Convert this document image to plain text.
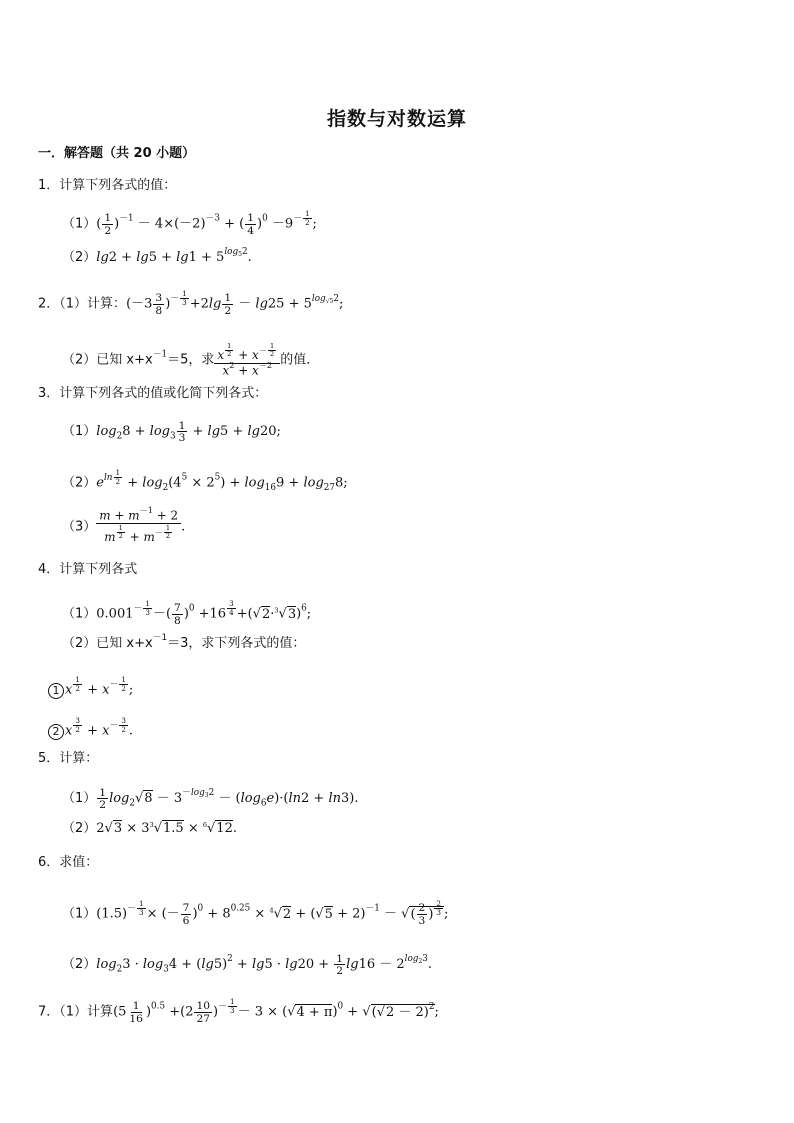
指数与对数运算
一．解答题（共 20 小题）
1．计算下列各式的值：
$(1)( \frac{1}{2} )^{-1} - 4\times(-2)^{-3}$ + ( $\frac{1}{4} )^0 -9^{- \frac{1}{2}}$ ;
$(2)\lg 2 + \lg 5 + \lg 1 + 5^{log_52}$.
2．（1）计算：$(-3 \frac{3}{8} )^{- \frac{1}{3}} +2\lg \frac{1}{2} - \lg 25 + 5^{log_{√5}2}$;
（2）已知 $x+x^{-1}=5$，求 x $^{\frac{1}{2}} + x^{- \frac{1}{2}}$
$x^2 + x^{-2}$ 的值．
3．计算下列各式的值或化简下列各式：
$(1)\log_28 + \log_3 \frac{1}{3} + \lg 5 + \lg 20$;
$(2)e^{ln \frac{1}{2}} + \log_2(4^5 \times 2^5) + \log_{16}9 + \log_{27}8$;
（3） $m + m^{-1} + 2$
m $^{\frac{1}{2}} + m^{- \frac{1}{2}}$ .
4．计算下列各式
$(1)0.001^{- \frac{1}{3}}$ －( $\frac{7}{8} )^0 +16$ $^{\frac{3}{4}} +(√2\cdot^3√3)^6$;
（2）已知 $x+x^{-1}=3$，求下列各式的值：
1 x $^{\frac{1}{2}} + x^{- \frac{1}{2}}$ ;
2 x $^{\frac{3}{2}} + x^{- \frac{3}{2}}$ .
5．计算：
$(1) \frac{1}{2} \log_2√8 - 3^{-log_32} - (\log_6e)\cdot(\ln 2 + \ln 3)$.
$(2)2√3 \times 3^3√1.5 \times ^6√12$.
6．求值：
$(1)(1.5)^{- \frac{1}{3}}$ × (－ $\frac{7}{6} )^0 + 8^{0.25} \times ^4√2 + (√5 + 2)^{-1}$ － √( $\frac{2}{3}$ ) $^{\frac{2}{3}}$ ;
$(2)\log_23 \cdot \log_34 + (\lg 5)^2 + \lg 5 \cdot \lg 20 + \frac{1}{2} \lg 16 - 2^{log_23}$.
7．（1）计算$(5 \frac{1}{16} )^{0.5} +(2 \frac{10}{27} )^{- \frac{1}{3}} - 3 \times (√4 + \pi)^0 + √(√2 - 2)^2$;
